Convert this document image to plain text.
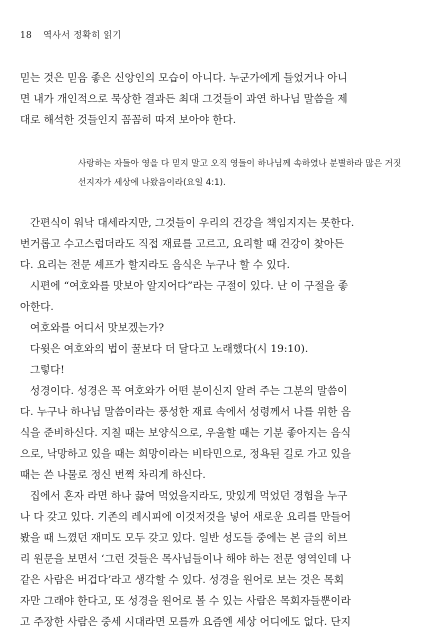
18 역사서 정확히 읽기

믿는 것은 믿음 좋은 신앙인의 모습이 아니다. 누군가에게 들었거나 아니

면 내가 개인적으로 묵상한 결과든 최대 그것들이 과연 하나님 말씀을 제

대로 해석한 것들인지 꼼꼼히 따져 보아야 한다.

사랑하는 자들아 영을 다 믿지 말고 오직 영들이 하나님께 속하였나 분별하라 많은 거짓

선지자가 세상에 나왔음이라(요일 4:1).

간편식이 워낙 대세라지만, 그것들이 우리의 건강을 책임지지는 못한다.

번거롭고 수고스럽더라도 직접 재료를 고르고, 요리할 때 건강이 찾아든

다. 요리는 전문 셰프가 할지라도 음식은 누구나 할 수 있다.

시편에 “여호와를 맛보아 알지어다”라는 구절이 있다. 난 이 구절을 좋

아한다.

여호와를 어디서 맛보겠는가?

다윗은 여호와의 법이 꿀보다 더 달다고 노래했다(시 19:10).

그렇다!

성경이다. 성경은 꼭 여호와가 어떤 분이신지 알려 주는 그분의 말씀이

다. 누구나 하나님 말씀이라는 풍성한 재료 속에서 성령께서 나를 위한 음

식을 준비하신다. 지칠 때는 보양식으로, 우울할 때는 기분 좋아지는 음식

으로, 낙망하고 있을 때는 희망이라는 비타민으로, 정욕된 길로 가고 있을

때는 쓴 나물로 정신 번쩍 차리게 하신다.

집에서 혼자 라면 하나 끓여 먹었을지라도, 맛있게 먹었던 경험을 누구

나 다 갖고 있다. 기존의 레시피에 이것저것을 넣어 새로운 요리를 만들어

봤을 때 느꼈던 재미도 모두 갖고 있다. 일반 성도들 중에는 본 글의 히브

리 원문을 보면서 ‘그런 것들은 목사님들이나 해야 하는 전문 영역인데 나

같은 사람은 버겁다’라고 생각할 수 있다. 성경을 원어로 보는 것은 목회

자만 그래야 한다고, 또 성경을 원어로 볼 수 있는 사람은 목회자들뿐이라

고 주장한 사람은 중세 시대라면 모를까 요즘엔 세상 어디에도 없다. 단지
